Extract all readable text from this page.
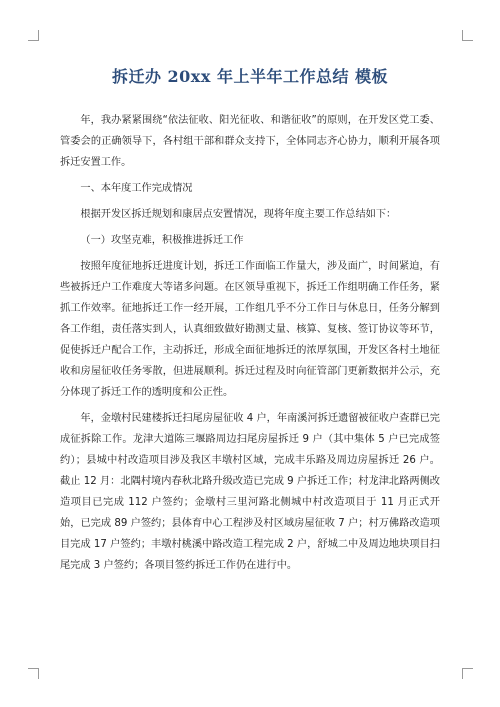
拆迁办 20xx 年上半年工作总结 模板

年，我办紧紧围绕“依法征收、阳光征收、和谐征收”的原则，在开发区党工委、管委会的正确领导下，各村组干部和群众支持下，全体同志齐心协力，顺利开展各项拆迁安置工作。

一、本年度工作完成情况

根据开发区拆迁规划和康居点安置情况，现将年度主要工作总结如下：

（一）攻坚克难，积极推进拆迁工作

按照年度征地拆迁进度计划，拆迁工作面临工作量大，涉及面广，时间紧迫，有些被拆迁户工作难度大等诸多问题。在区领导重视下，拆迁工作组明确工作任务，紧抓工作效率。征地拆迁工作一经开展，工作组几乎不分工作日与休息日，任务分解到各工作组，责任落实到人，认真细致做好勘测丈量、核算、复核、签订协议等环节，促使拆迁户配合工作，主动拆迁，形成全面征地拆迁的浓厚氛围，开发区各村土地征收和房屋征收任务零散，但进展顺利。拆迁过程及时向征管部门更新数据并公示，充分体现了拆迁工作的透明度和公正性。

年，金墩村民建楼拆迁扫尾房屋征收 4 户，年南溪河拆迁遗留被征收户查群已完成征拆除工作。龙津大道陈三堰路周边扫尾房屋拆迁 9 户（其中集体 5 户已完成签约）；县城中村改造项目涉及我区丰墩村区域，完成丰乐路及周边房屋拆迁 26 户。截止 12 月：北隅村境内春秋北路升级改造已完成 9 户拆迁工作；村龙津北路两侧改造项目已完成 112 户签约；金墩村三里河路北侧城中村改造项目于 11 月正式开始，已完成 89 户签约；县体育中心工程涉及村区域房屋征收 7 户；村万佛路改造项目完成 17 户签约；丰墩村桃溪中路改造工程完成 2 户，舒城二中及周边地块项目扫尾完成 3 户签约；各项目签约拆迁工作仍在进行中。
